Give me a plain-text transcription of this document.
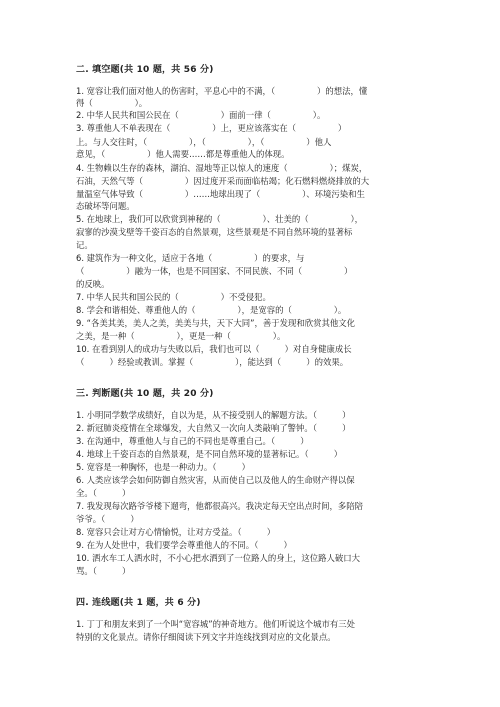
二. 填空题(共 10 题，共 56 分)
1. 宽容让我们面对他人的伤害时，平息心中的不满，（　　　　　）的想法，懂
得（　　　　　）。
2. 中华人民共和国公民在（　　　　　）面前一律（　　　　　）。
3. 尊重他人不单表现在（　　　　　）上，更应该落实在（　　　　　）
上。与人交往时，（　　　　　），（　　　　　），（　　　　　）他人
意见，（　　　　　）他人需要……都是尊重他人的体现。
4. 生物赖以生存的森林，湖泊、湿地等正以惊人的速度（　　　　　）；煤炭，
石油，天然气等（　　　　　）因过度开采而面临枯竭；化石燃料燃烧排放的大
量温室气体导致（　　　　　）……地球出现了（　　　　　）、环境污染和生
态破坏等问题。
5. 在地球上，我们可以欣赏到神秘的（　　　　　）、壮美的（　　　　　），
寂寥的沙漠戈壁等千姿百态的自然景观，这些景观是不同自然环境的显著标
记。
6. 建筑作为一种文化，适应于各地（　　　　　）的要求，与
（　　　　　）融为一体，也是不同国家、不同民族、不同（　　　　　）
的反映。
7. 中华人民共和国公民的（　　　　　）不受侵犯。
8. 学会和谐相处、尊重他人的（　　　　　），是宽容的（　　　　　）。
9. “各美其美，美人之美，美美与共，天下大同”，善于发现和欣赏其他文化
之美，是一种（　　　　　），更是一种（　　　　　）。
10. 在看到别人的成功与失败以后，我们也可以（　　　）对自身健康成长
（　　　）经验或教训。掌握（　　　　　），能达到（　　　）的效果。
三. 判断题(共 10 题，共 20 分)
1. 小明同学数学成绩好，自以为是，从不接受别人的解题方法。（　　　）
2. 新冠肺炎疫情在全球爆发，大自然又一次向人类敲响了警钟。（　　　）
3. 在沟通中，尊重他人与自己的不同也是尊重自己。（　　　）
4. 地球上千姿百态的自然景观，是不同自然环境的显著标记。（　　　）
5. 宽容是一种胸怀，也是一种动力。（　　　）
6. 人类应该学会如何防御自然灾害，从而使自己以及他人的生命财产得以保
全。（　　　）
7. 我发现每次路爷爷楼下遛弯，他都很高兴。我决定每天空出点时间，多陪陪
爷爷。（　　　）
8. 宽容只会让对方心情愉悦，让对方受益。（　　　）
9. 在为人处世中，我们要学会尊重他人的不同。（　　　）
10. 洒水车工人洒水时，不小心把水洒到了一位路人的身上，这位路人破口大
骂。（　　　）
四. 连线题(共 1 题，共 6 分)
1. 丁丁和朋友来到了一个叫“宽容城”的神奇地方。他们听说这个城市有三处
特别的文化景点。请你仔细阅读下列文字并连线找到对应的文化景点。
